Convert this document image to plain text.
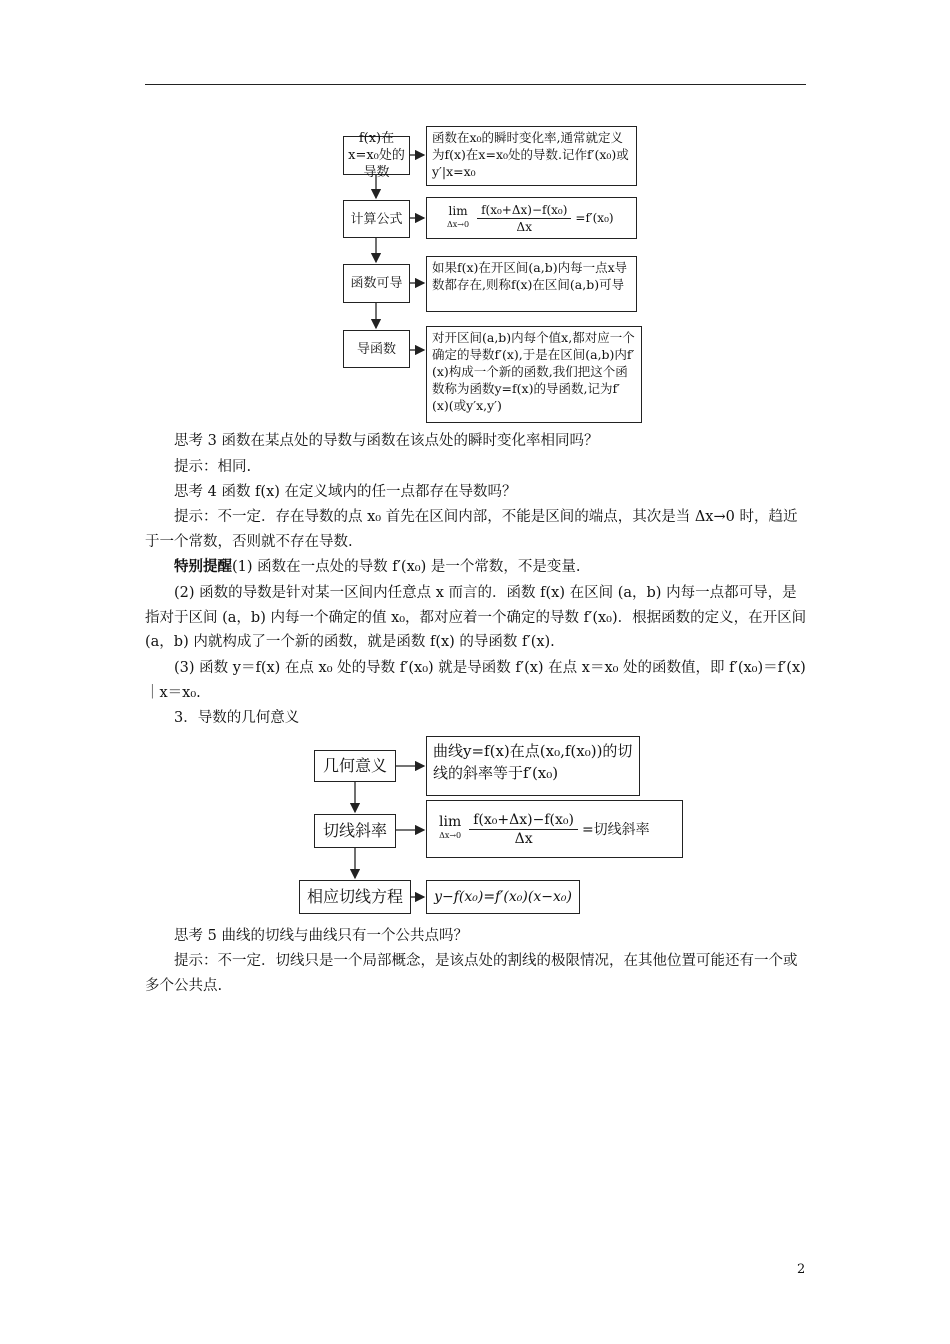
f(x)在x=x₀处的导数
计算公式
函数可导
导函数
函数在x₀的瞬时变化率,通常就定义为f(x)在x=x₀处的导数.记作f′(x₀)或y′|x=x₀
lim
$\Delta x\to 0 \frac{\text{f(x₀+Δx)−f(x₀)}}{\Delta x} =f'(x_0)$
如果f(x)在开区间(a,b)内每一点x导数都存在,则称f(x)在区间(a,b)可导
对开区间(a,b)内每个值x,都对应一个确定的导数f′(x),于是在区间(a,b)内f′(x)构成一个新的函数,我们把这个函数称为函数y=f(x)的导函数,记为f′(x)(或y′x,y′)
思考 3 函数在某点处的导数与函数在该点处的瞬时变化率相同吗？
提示：相同.
思考 4 函数 f(x) 在定义域内的任一点都存在导数吗？
提示：不一定．存在导数的点 x₀ 首先在区间内部，不能是区间的端点，其次是当 Δx→0 时，趋近于一个常数，否则就不存在导数.
特别提醒(1) 函数在一点处的导数 f′(x₀) 是一个常数，不是变量.
(2) 函数的导数是针对某一区间内任意点 x 而言的．函数 f(x) 在区间 (a，b) 内每一点都可导，是指对于区间 (a，b) 内每一个确定的值 x₀，都对应着一个确定的导数 f′(x₀)．根据函数的定义，在开区间 (a，b) 内就构成了一个新的函数，就是函数 f(x) 的导函数 f′(x).
(3) 函数 y＝f(x) 在点 x₀ 处的导数 f′(x₀) 就是导函数 f′(x) 在点 x＝x₀ 处的函数值，即 f′(x₀)＝f′(x)｜x＝x₀.
3．导数的几何意义
几何意义
切线斜率
相应切线方程
曲线y=f(x)在点(x₀,f(x₀))的切线的斜率等于f′(x₀)
lim
$\Delta x\to 0 \frac{\text{f(x₀+Δx)−f(x₀)}}{\Delta x}$ =切线斜率
y−f(x₀)=f′(x₀)(x−x₀)
思考 5 曲线的切线与曲线只有一个公共点吗？
提示：不一定．切线只是一个局部概念，是该点处的割线的极限情况，在其他位置可能还有一个或多个公共点.
2
